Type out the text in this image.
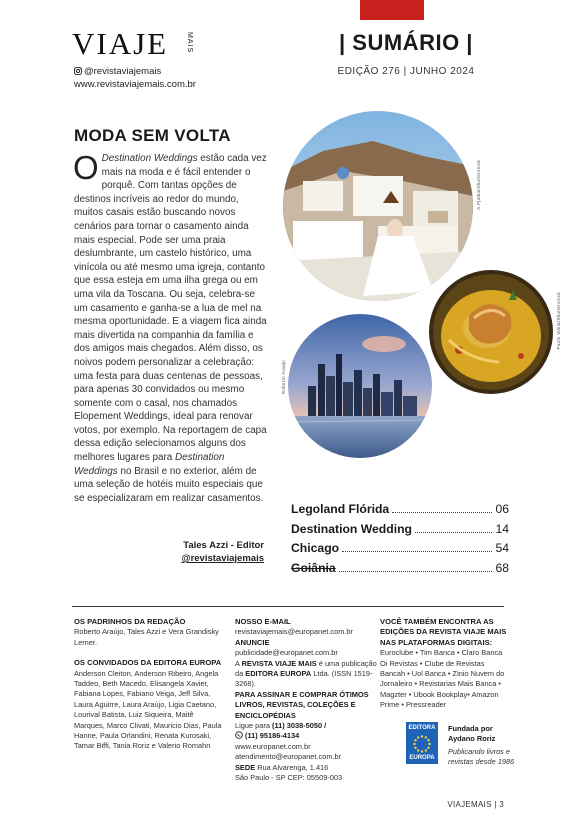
VIAJE	MAIS
@revistaviajemais
www.revistaviajemais.com.br
| SUMÁRIO |
EDIÇÃO 276 | JUNHO 2024
MODA SEM VOLTA
O Destination Weddings estão cada vez mais na moda e é fácil entender o porquê. Com tantas opções de destinos incríveis ao redor do mundo, muitos casais estão buscando novos cenários para tornar o casamento ainda mais especial. Pode ser uma praia deslumbrante, um castelo histórico, uma vinícola ou até mesmo uma igreja, contanto que essa esteja em uma ilha grega ou em uma vila da Toscana. Ou seja, celebra-se um casamento e ganha-se a lua de mel na mesma oportunidade. E a viagem fica ainda mais divertida na companhia da família e dos amigos mais chegados. Além disso, os noivos podem personalizar a celebração: uma festa para duas centenas de pessoas, para apenas 30 convidados ou mesmo somente com o casal, nos chamados Elopement Weddings, ideal para renovar votos, por exemplo. Na reportagem de capa dessa edição selecionamos alguns dos melhores lugares para Destination Weddings no Brasil e no exterior, além de uma seleção de hotéis muito especiais que se especializaram em realizar casamentos.
Tales Azzi - Editor
@revistaviajemais
A.Pjatkin/shutterstock
Paulo Vilela/Shutterstock
Roberto Araújo
Legoland Flórida	06
Destination Wedding	14
Chicago	54
Goiânia	68
OS PADRINHOS DA REDAÇÃO
Roberto Araújo, Tales Azzi e Vera Grandisky Lerner.
OS CONVIDADOS DA EDITORA EUROPA
Anderson Cleiton, Anderson Ribeiro, Angela Taddeo, Beth Macedo, Elisangela Xavier, Fabiana Lopes, Fabiano Veiga, Jeff Silva, Laura Aguirre, Laura Araújo, Ligia Caetano, Lourival Batista, Luiz Siqueira, Maitê Marques, Marco Clivati, Mauricio Dias, Paula Hanne, Paula Orlandini, Renata Kurosaki, Tamar Biffi, Tania Roriz e Valerio Romahn
NOSSO E-MAIL
revistaviajemais@europanet.com.br
ANUNCIE
publicidade@europanet.com.br
A REVISTA VIAJE MAIS é uma publicação da EDITORA EUROPA Ltda. (ISSN 1519-3268).
PARA ASSINAR E COMPRAR ÓTIMOS LIVROS, REVISTAS, COLEÇÕES E ENCICLOPÉDIAS
Ligue para (11) 3038-5050 /
(11) 95186-4134
www.europanet.com.br
atendimento@europanet.com.br
SEDE Rua Alvarenga, 1.416
São Paulo - SP CEP: 05509-003
VOCÊ TAMBÉM ENCONTRA AS EDIÇÕES DA REVISTA VIAJE MAIS NAS PLATAFORMAS DIGITAIS:
Euroclube • Tim Banca • Claro Banca Oi Revistas • Clube de Revistas Bancah • Uol Banca • Zinio Nuvem do Jornaleiro • Revistarias Mais Banca • Magzter • Ubook Bookplay• Amazon Prime • Pressreader
EDITORA
EUROPA
Fundada por
Aydano Roriz
Publicando livros e revistas desde 1986
VIAJEMAIS | 3
